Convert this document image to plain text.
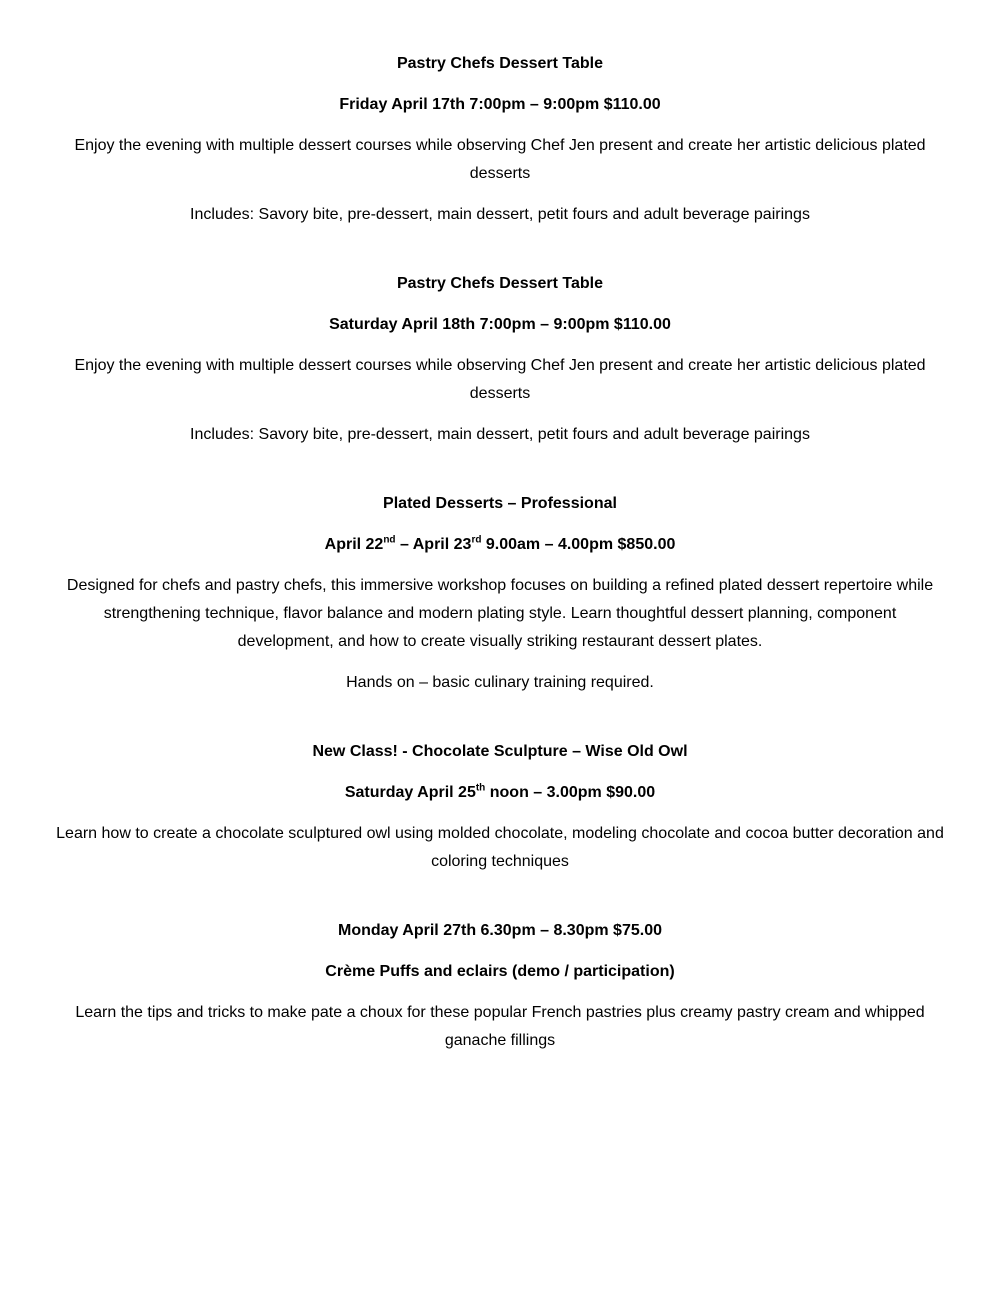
Pastry Chefs Dessert Table

Friday April 17th 7:00pm – 9:00pm $110.00

Enjoy the evening with multiple dessert courses while observing Chef Jen present and create her artistic delicious plated desserts

Includes: Savory bite, pre-dessert, main dessert, petit fours and adult beverage pairings

Pastry Chefs Dessert Table

Saturday April 18th 7:00pm – 9:00pm $110.00

Enjoy the evening with multiple dessert courses while observing Chef Jen present and create her artistic delicious plated desserts

Includes: Savory bite, pre-dessert, main dessert, petit fours and adult beverage pairings

Plated Desserts – Professional

April 22nd – April 23rd 9.00am – 4.00pm $850.00

Designed for chefs and pastry chefs, this immersive workshop focuses on building a refined plated dessert repertoire while strengthening technique, flavor balance and modern plating style. Learn thoughtful dessert planning, component development, and how to create visually striking restaurant dessert plates.

Hands on – basic culinary training required.

New Class! - Chocolate Sculpture – Wise Old Owl

Saturday April 25th noon – 3.00pm $90.00

Learn how to create a chocolate sculptured owl using molded chocolate, modeling chocolate and cocoa butter decoration and coloring techniques

Monday April 27th 6.30pm – 8.30pm $75.00

Crème Puffs and eclairs (demo / participation)

Learn the tips and tricks to make pate a choux for these popular French pastries plus creamy pastry cream and whipped ganache fillings
